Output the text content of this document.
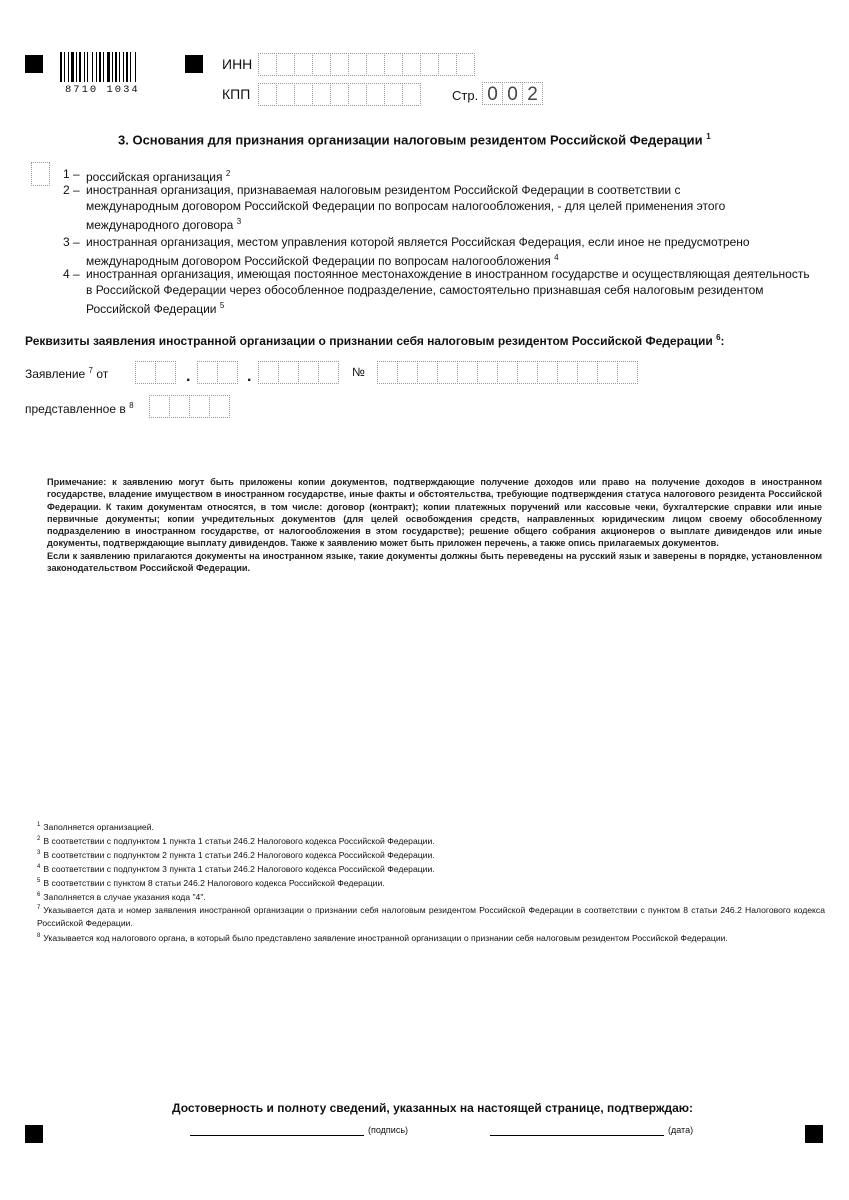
8710 1034
ИНН
КПП	Стр. 0 0 2
3. Основания для признания организации налоговым резидентом Российской Федерации $^1$
1 – российская организация $^2$
2 – иностранная организация, признаваемая налоговым резидентом Российской Федерации в соответствии с
международным договором Российской Федерации по вопросам налогообложения, - для целей применения этого
международного договора $^3$
3 – иностранная организация, местом управления которой является Российская Федерация, если иное не предусмотрено
международным договором Российской Федерации по вопросам налогообложения $^4$
4 – иностранная организация, имеющая постоянное местонахождение в иностранном государстве и осуществляющая деятельность
в Российской Федерации через обособленное подразделение, самостоятельно признавшая себя налоговым резидентом
Российской Федерации $^5$
Реквизиты заявления иностранной организации о признании себя налоговым резидентом Российской Федерации $^6$:
Заявление $^7$ от	.	.	№
представленное в $^8$
Примечание: к заявлению могут быть приложены копии документов, подтверждающие получение доходов или право на получение доходов в иностранном государстве, владение имуществом в иностранном государстве, иные факты и обстоятельства, требующие подтверждения статуса налогового резидента Российской Федерации. К таким документам относятся, в том числе: договор (контракт); копии платежных поручений или кассовые чеки, бухгалтерские справки или иные первичные документы; копии учредительных документов (для целей освобождения средств, направленных юридическим лицом своему обособленному подразделению в иностранном государстве, от налогообложения в этом государстве); решение общего собрания акционеров о выплате дивидендов или иные документы, подтверждающие выплату дивидендов. Также к заявлению может быть приложен перечень, а также опись прилагаемых документов.
Если к заявлению прилагаются документы на иностранном языке, такие документы должны быть переведены на русский язык и заверены в порядке, установленном законодательством Российской Федерации.
$^1$ Заполняется организацией.
$^2$ В соответствии с подпунктом 1 пункта 1 статьи 246.2 Налогового кодекса Российской Федерации.
$^3$ В соответствии с подпунктом 2 пункта 1 статьи 246.2 Налогового кодекса Российской Федерации.
$^4$ В соответствии с подпунктом 3 пункта 1 статьи 246.2 Налогового кодекса Российской Федерации.
$^5$ В соответствии с пунктом 8 статьи 246.2 Налогового кодекса Российской Федерации.
$^6$ Заполняется в случае указания кода "4".
$^7$ Указывается дата и номер заявления иностранной организации о признании себя налоговым резидентом Российской Федерации в соответствии с пунктом 8 статьи 246.2 Налогового кодекса Российской Федерации.
$^8$ Указывается код налогового органа, в который было представлено заявление иностранной организации о признании себя налоговым резидентом Российской Федерации.
Достоверность и полноту сведений, указанных на настоящей странице, подтверждаю:
(подпись)	(дата)
